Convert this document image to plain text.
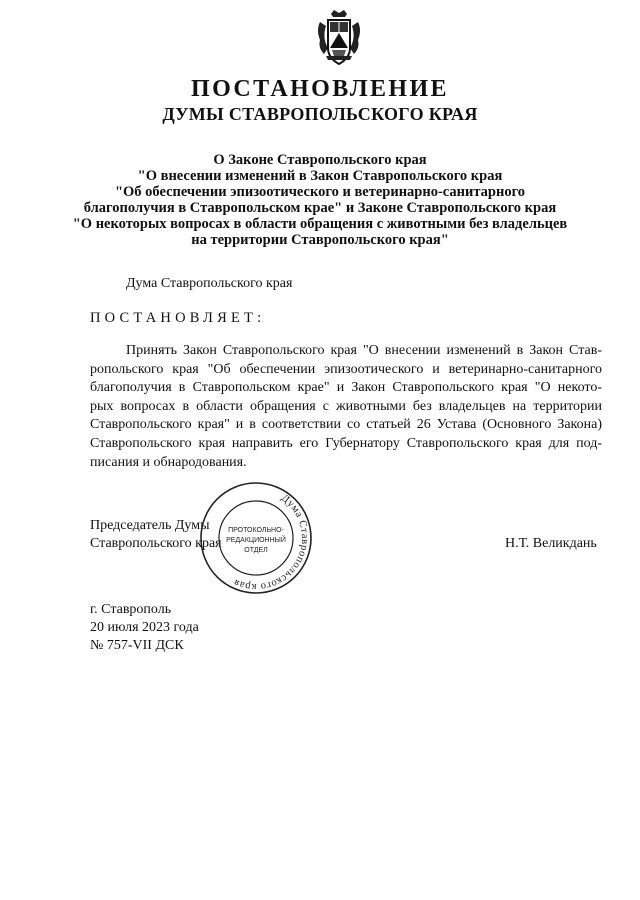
ПОСТАНОВЛЕНИЕ
ДУМЫ СТАВРОПОЛЬСКОГО КРАЯ
О Законе Ставропольского края
"О внесении изменений в Закон Ставропольского края
"Об обеспечении эпизоотического и ветеринарно-санитарного
благополучия в Ставропольском крае" и Законе Ставропольского края
"О некоторых вопросах в области обращения с животными без владельцев
на территории Ставропольского края"
Дума Ставропольского края
ПОСТАНОВЛЯЕТ:
Принять Закон Ставропольского края "О внесении изменений в Закон Став-
ропольского края "Об обеспечении эпизоотического и ветеринарно-санитарного
благополучия в Ставропольском крае" и Закон Ставропольского края "О некото-
рых вопросах в области обращения с животными без владельцев на территории
Ставропольского края" и в соответствии со статьей 26 Устава (Основного Закона)
Ставропольского края направить его Губернатору Ставропольского края для под-
писания и обнародования.
Председатель Думы
Ставропольского края	Н.Т. Великдань
Дума Ставропольского края
ПРОТОКОЛЬНО-
РЕДАКЦИОННЫЙ
ОТДЕЛ
г. Ставрополь
20 июля 2023 года
№ 757-VII ДСК
